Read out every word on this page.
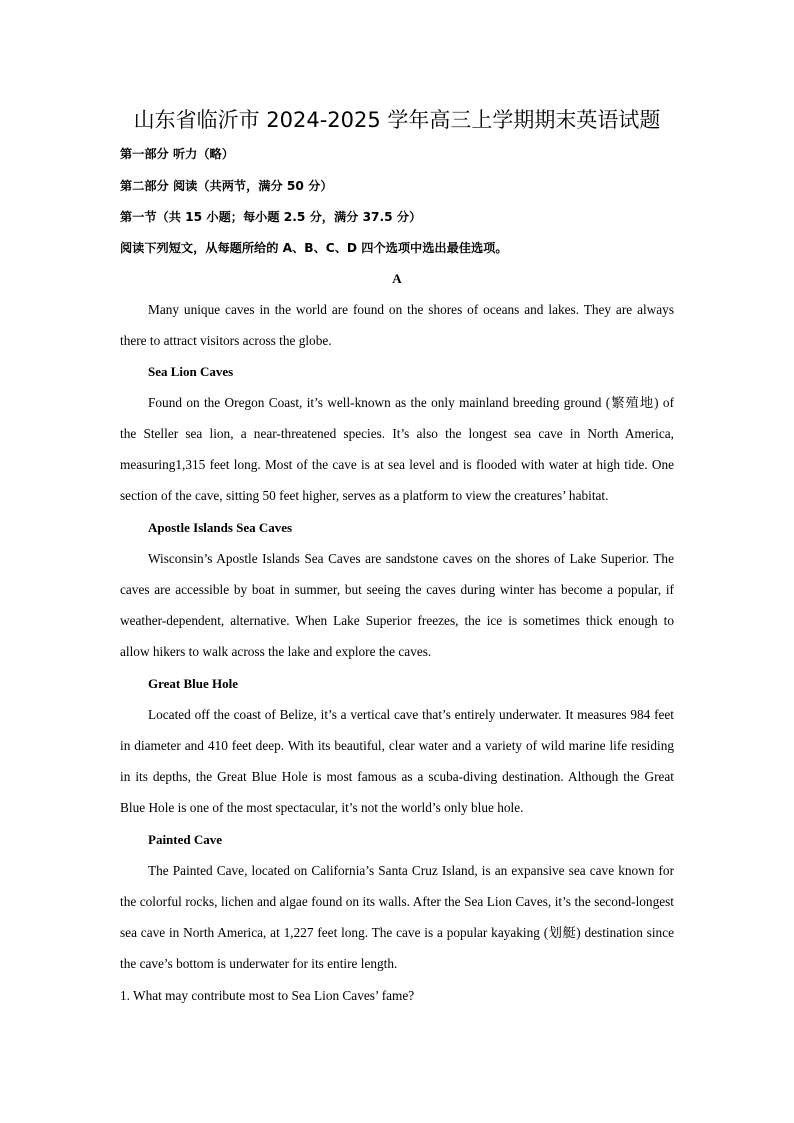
山东省临沂市 2024-2025 学年高三上学期期末英语试题
第一部分 听力（略）
第二部分 阅读（共两节，满分 50 分）
第一节（共 15 小题；每小题 2.5 分，满分 37.5 分）
阅读下列短文，从每题所给的 A、B、C、D 四个选项中选出最佳选项。
A

Many unique caves in the world are found on the shores of oceans and lakes. They are always there to attract visitors across the globe.

Sea Lion Caves

Found on the Oregon Coast, it’s well-known as the only mainland breeding ground (繁殖地) of the Steller sea lion, a near-threatened species. It’s also the longest sea cave in North America, measuring1,315 feet long. Most of the cave is at sea level and is flooded with water at high tide. One section of the cave, sitting 50 feet higher, serves as a platform to view the creatures’ habitat.

Apostle Islands Sea Caves

Wisconsin’s Apostle Islands Sea Caves are sandstone caves on the shores of Lake Superior. The caves are accessible by boat in summer, but seeing the caves during winter has become a popular, if weather-dependent, alternative. When Lake Superior freezes, the ice is sometimes thick enough to allow hikers to walk across the lake and explore the caves.

Great Blue Hole

Located off the coast of Belize, it’s a vertical cave that’s entirely underwater. It measures 984 feet in diameter and 410 feet deep. With its beautiful, clear water and a variety of wild marine life residing in its depths, the Great Blue Hole is most famous as a scuba-diving destination. Although the Great Blue Hole is one of the most spectacular, it’s not the world’s only blue hole.

Painted Cave

The Painted Cave, located on California’s Santa Cruz Island, is an expansive sea cave known for the colorful rocks, lichen and algae found on its walls. After the Sea Lion Caves, it’s the second-longest sea cave in North America, at 1,227 feet long. The cave is a popular kayaking (划艇) destination since the cave’s bottom is underwater for its entire length.

1. What may contribute most to Sea Lion Caves’ fame?
